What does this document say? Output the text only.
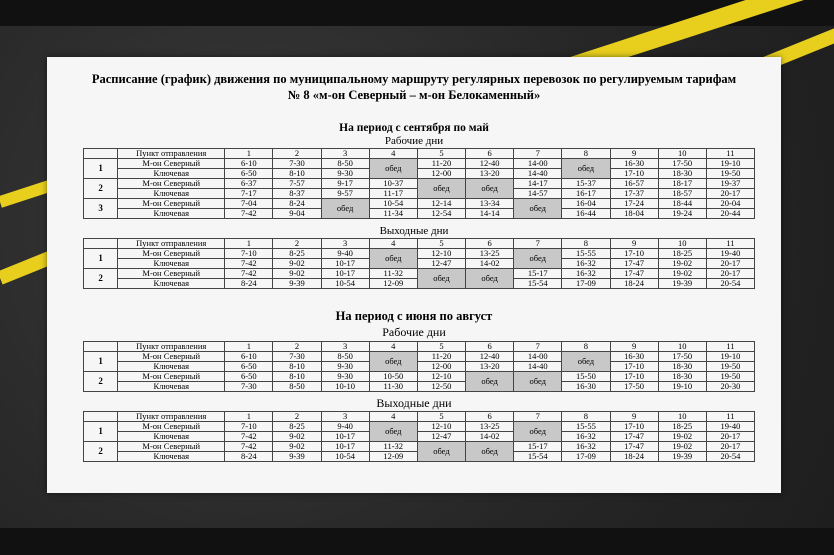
Расписание (график) движения по муниципальному маршруту регулярных перевозок по регулируемым тарифам
№ 8 «м-он Северный – м-он Белокаменный»
На период с сентября по май
Рабочие дни
	Пункт отправления	1	2	3	4	5	6	7	8	9	10	11
1	М-он Северный	6-10	7-30	8-50	обед	11-20	12-40	14-00	обед	16-30	17-50	19-10
	Ключевая	6-50	8-10	9-30		12-00	13-20	14-40		17-10	18-30	19-50
2	М-он Северный	6-37	7-57	9-17	10-37	обед	обед	14-17	15-37	16-57	18-17	19-37
	Ключевая	7-17	8-37	9-57	11-17			14-57	16-17	17-37	18-57	20-17
3	М-он Северный	7-04	8-24	обед	10-54	12-14	13-34	обед	16-04	17-24	18-44	20-04
	Ключевая	7-42	9-04		11-34	12-54	14-14		16-44	18-04	19-24	20-44
Выходные дни
	Пункт отправления	1	2	3	4	5	6	7	8	9	10	11
1	М-он Северный	7-10	8-25	9-40	обед	12-10	13-25	обед	15-55	17-10	18-25	19-40
	Ключевая	7-42	9-02	10-17		12-47	14-02		16-32	17-47	19-02	20-17
2	М-он Северный	7-42	9-02	10-17	11-32	обед	обед	15-17	16-32	17-47	19-02	20-17
	Ключевая	8-24	9-39	10-54	12-09			15-54	17-09	18-24	19-39	20-54
На период с июня по август
Рабочие дни
	Пункт отправления	1	2	3	4	5	6	7	8	9	10	11
1	М-он Северный	6-10	7-30	8-50	обед	11-20	12-40	14-00	обед	16-30	17-50	19-10
	Ключевая	6-50	8-10	9-30		12-00	13-20	14-40		17-10	18-30	19-50
2	М-он Северный	6-50	8-10	9-30	10-50	12-10	обед	обед	15-50	17-10	18-30	19-50
	Ключевая	7-30	8-50	10-10	11-30	12-50			16-30	17-50	19-10	20-30
Выходные дни
	Пункт отправления	1	2	3	4	5	6	7	8	9	10	11
1	М-он Северный	7-10	8-25	9-40	обед	12-10	13-25	обед	15-55	17-10	18-25	19-40
	Ключевая	7-42	9-02	10-17		12-47	14-02		16-32	17-47	19-02	20-17
2	М-он Северный	7-42	9-02	10-17	11-32	обед	обед	15-17	16-32	17-47	19-02	20-17
	Ключевая	8-24	9-39	10-54	12-09			15-54	17-09	18-24	19-39	20-54
